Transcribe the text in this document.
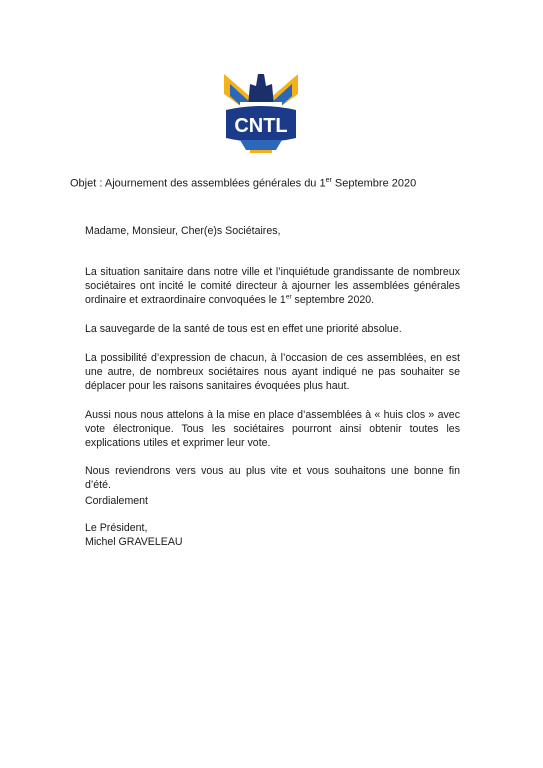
CNTL
Objet : Ajournement des assemblées générales du 1er Septembre 2020
Madame, Monsieur, Cher(e)s Sociétaires,
La situation sanitaire dans notre ville et l’inquiétude grandissante de nombreux sociétaires ont incité le comité directeur à ajourner les assemblées générales ordinaire et extraordinaire convoquées le 1er septembre 2020.
La sauvegarde de la santé de tous est en effet une priorité absolue.
La possibilité d’expression de chacun, à l’occasion de ces assemblées, en est une autre, de nombreux sociétaires nous ayant indiqué ne pas souhaiter se déplacer pour les raisons sanitaires évoquées plus haut.
Aussi nous nous attelons à la mise en place d’assemblées à « huis clos » avec vote électronique. Tous les sociétaires pourront ainsi obtenir toutes les explications utiles et exprimer leur vote.
Nous reviendrons vers vous au plus vite et vous souhaitons une bonne fin d’été.
Cordialement
Le Président,
Michel GRAVELEAU
